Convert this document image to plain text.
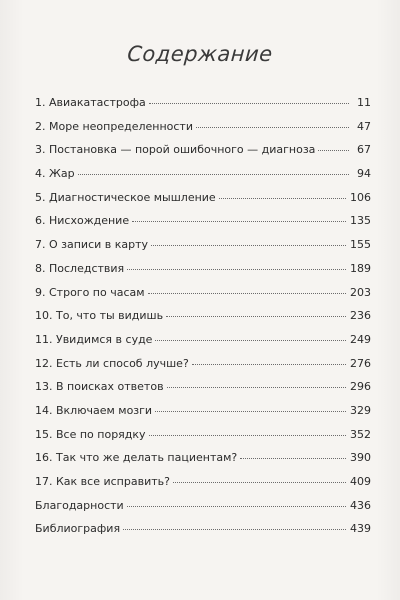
Содержание
1. Авиакатастрофа	11
2. Море неопределенности	47
3. Постановка — порой ошибочного — диагноза	67
4. Жар	94
5. Диагностическое мышление	106
6. Нисхождение	135
7. О записи в карту	155
8. Последствия	189
9. Строго по часам	203
10. То, что ты видишь	236
11. Увидимся в суде	249
12. Есть ли способ лучше?	276
13. В поисках ответов	296
14. Включаем мозги	329
15. Все по порядку	352
16. Так что же делать пациентам?	390
17. Как все исправить?	409
Благодарности	436
Библиография	439
